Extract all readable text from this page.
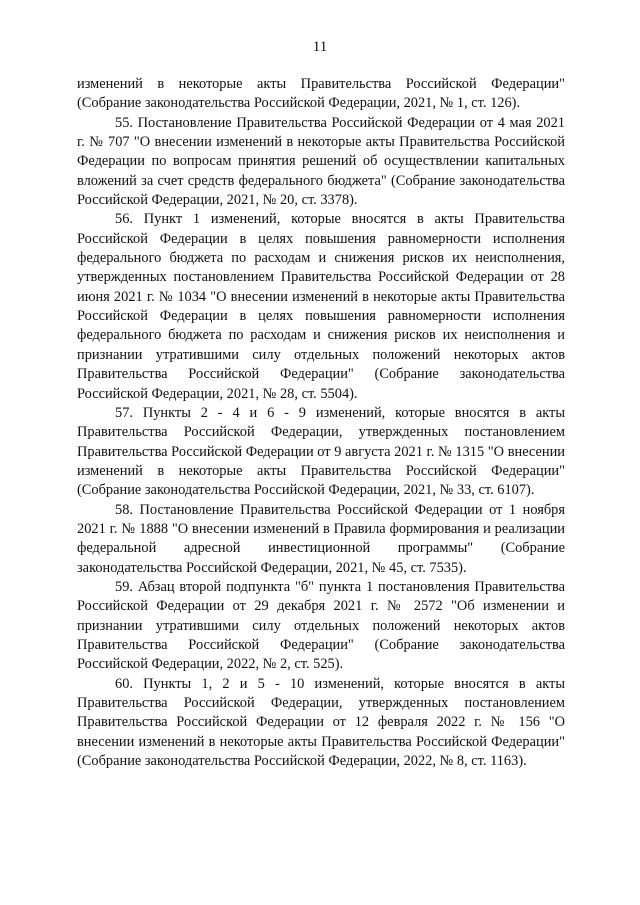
11

изменений в некоторые акты Правительства Российской Федерации" (Собрание законодательства Российской Федерации, 2021, № 1, ст. 126).

55. Постановление Правительства Российской Федерации от 4 мая 2021 г. № 707 "О внесении изменений в некоторые акты Правительства Российской Федерации по вопросам принятия решений об осуществлении капитальных вложений за счет средств федерального бюджета" (Собрание законодательства Российской Федерации, 2021, № 20, ст. 3378).

56. Пункт 1 изменений, которые вносятся в акты Правительства Российской Федерации в целях повышения равномерности исполнения федерального бюджета по расходам и снижения рисков их неисполнения, утвержденных постановлением Правительства Российской Федерации от 28 июня 2021 г. № 1034 "О внесении изменений в некоторые акты Правительства Российской Федерации в целях повышения равномерности исполнения федерального бюджета по расходам и снижения рисков их неисполнения и признании утратившими силу отдельных положений некоторых актов Правительства Российской Федерации" (Собрание законодательства Российской Федерации, 2021, № 28, ст. 5504).

57. Пункты 2 - 4 и 6 - 9 изменений, которые вносятся в акты Правительства Российской Федерации, утвержденных постановлением Правительства Российской Федерации от 9 августа 2021 г. № 1315 "О внесении изменений в некоторые акты Правительства Российской Федерации" (Собрание законодательства Российской Федерации, 2021, № 33, ст. 6107).

58. Постановление Правительства Российской Федерации от 1 ноября 2021 г. № 1888 "О внесении изменений в Правила формирования и реализации федеральной адресной инвестиционной программы" (Собрание законодательства Российской Федерации, 2021, № 45, ст. 7535).

59. Абзац второй подпункта "б" пункта 1 постановления Правительства Российской Федерации от 29 декабря 2021 г. № 2572 "Об изменении и признании утратившими силу отдельных положений некоторых актов Правительства Российской Федерации" (Собрание законодательства Российской Федерации, 2022, № 2, ст. 525).

60. Пункты 1, 2 и 5 - 10 изменений, которые вносятся в акты Правительства Российской Федерации, утвержденных постановлением Правительства Российской Федерации от 12 февраля 2022 г. № 156 "О внесении изменений в некоторые акты Правительства Российской Федерации" (Собрание законодательства Российской Федерации, 2022, № 8, ст. 1163).
